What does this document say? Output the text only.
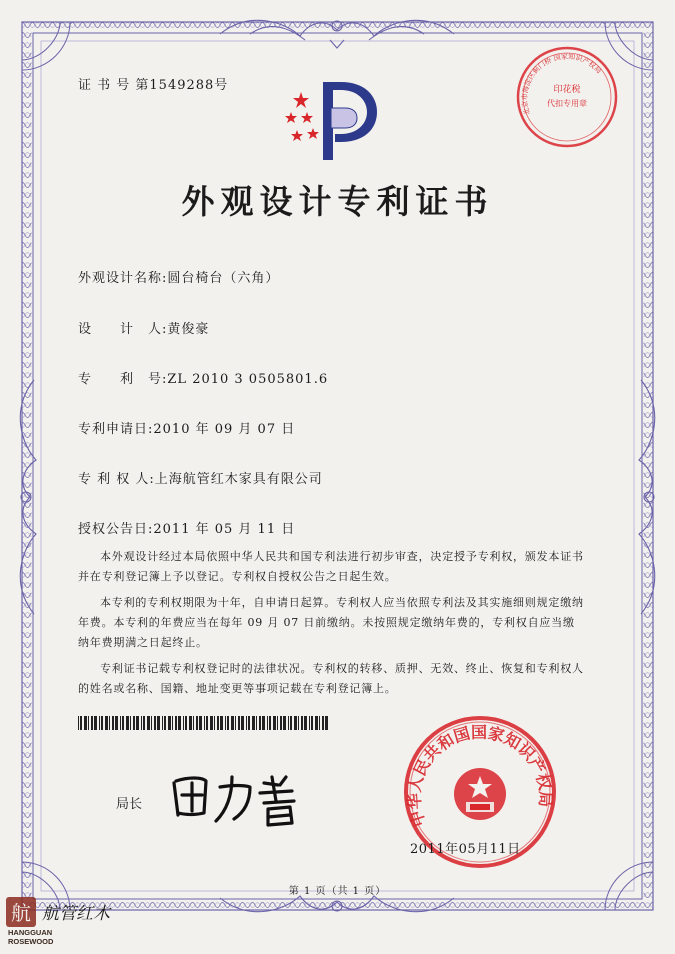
证 书 号 第1549288号
外观设计专利证书
印花税
代扣专用章
北京市海淀区蓟门桥 国家知识产权局
外观设计名称:圆台椅台（六角）
设　　计　人:黄俊豪
专　　利　号:ZL 2010 3 0505801.6
专利申请日:2010 年 09 月 07 日
专 利 权 人:上海航管红木家具有限公司
授权公告日:2011 年 05 月 11 日

本外观设计经过本局依照中华人民共和国专利法进行初步审查，决定授予专利权，颁发本证书并在专利登记簿上予以登记。专利权自授权公告之日起生效。

本专利的专利权期限为十年，自申请日起算。专利权人应当依照专利法及其实施细则规定缴纳年费。本专利的年费应当在每年 09 月 07 日前缴纳。未按照规定缴纳年费的，专利权自应当缴纳年费期满之日起终止。

专利证书记载专利权登记时的法律状况。专利权的转移、质押、无效、终止、恢复和专利权人的姓名或名称、国籍、地址变更等事项记载在专利登记簿上。

局长
中华人民共和国国家知识产权局
2011年05月11日
第 1 页（共 1 页）
航 航管红木
HANGGUAN
ROSEWOOD
